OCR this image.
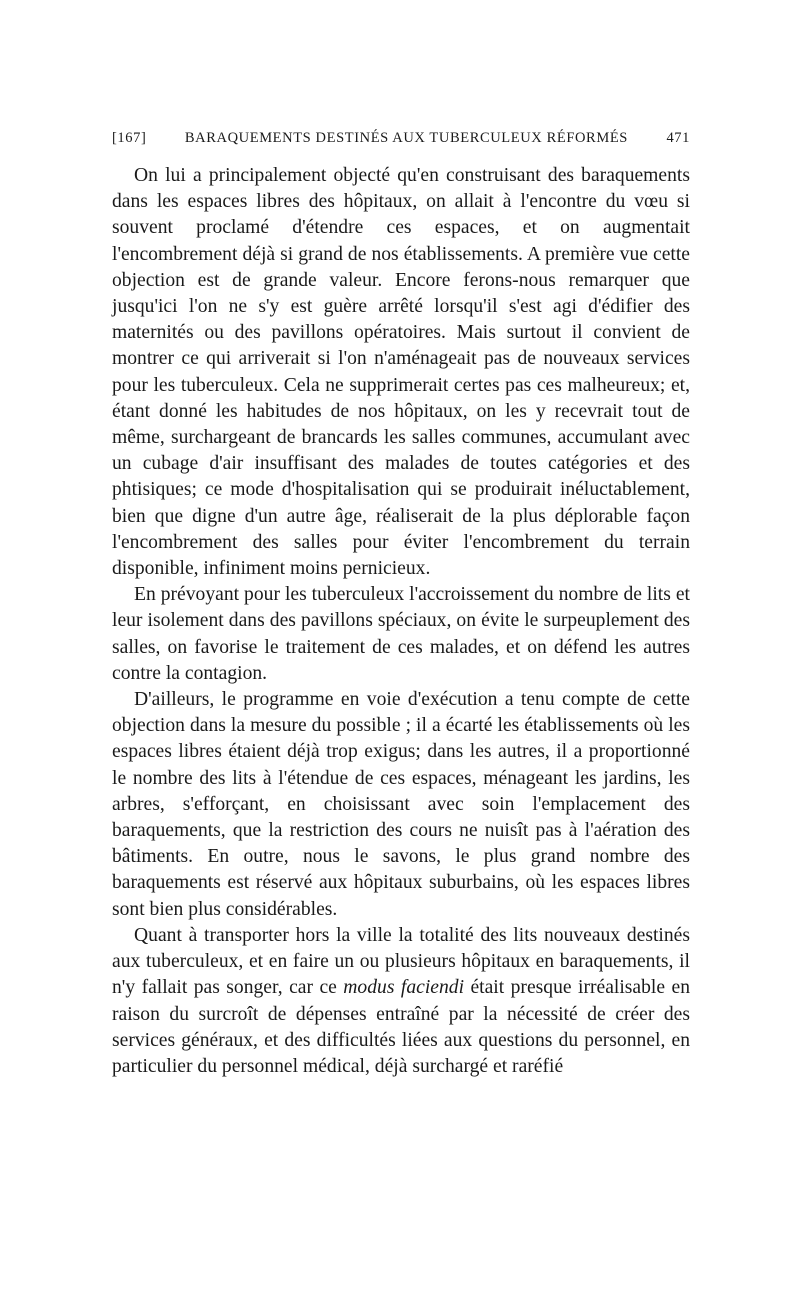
[167]	BARAQUEMENTS DESTINÉS AUX TUBERCULEUX RÉFORMÉS	471

On lui a principalement objecté qu'en construisant des baraquements dans les espaces libres des hôpitaux, on allait à l'encontre du vœu si souvent proclamé d'étendre ces espaces, et on augmentait l'encombrement déjà si grand de nos établissements. A première vue cette objection est de grande valeur. Encore ferons-nous remarquer que jusqu'ici l'on ne s'y est guère arrêté lorsqu'il s'est agi d'édifier des maternités ou des pavillons opératoires. Mais surtout il convient de montrer ce qui arriverait si l'on n'aménageait pas de nouveaux services pour les tuberculeux. Cela ne supprimerait certes pas ces malheureux; et, étant donné les habitudes de nos hôpitaux, on les y recevrait tout de même, surchargeant de brancards les salles communes, accumulant avec un cubage d'air insuffisant des malades de toutes catégories et des phtisiques; ce mode d'hospitalisation qui se produirait inéluctablement, bien que digne d'un autre âge, réaliserait de la plus déplorable façon l'encombrement des salles pour éviter l'encombrement du terrain disponible, infiniment moins pernicieux.

En prévoyant pour les tuberculeux l'accroissement du nombre de lits et leur isolement dans des pavillons spéciaux, on évite le surpeuplement des salles, on favorise le traitement de ces malades, et on défend les autres contre la contagion.

D'ailleurs, le programme en voie d'exécution a tenu compte de cette objection dans la mesure du possible ; il a écarté les établissements où les espaces libres étaient déjà trop exigus; dans les autres, il a proportionné le nombre des lits à l'étendue de ces espaces, ménageant les jardins, les arbres, s'efforçant, en choisissant avec soin l'emplacement des baraquements, que la restriction des cours ne nuisît pas à l'aération des bâtiments. En outre, nous le savons, le plus grand nombre des baraquements est réservé aux hôpitaux suburbains, où les espaces libres sont bien plus considérables.

Quant à transporter hors la ville la totalité des lits nouveaux destinés aux tuberculeux, et en faire un ou plusieurs hôpitaux en baraquements, il n'y fallait pas songer, car ce modus faciendi était presque irréalisable en raison du surcroît de dépenses entraîné par la nécessité de créer des services généraux, et des difficultés liées aux questions du personnel, en particulier du personnel médical, déjà surchargé et raréfié
